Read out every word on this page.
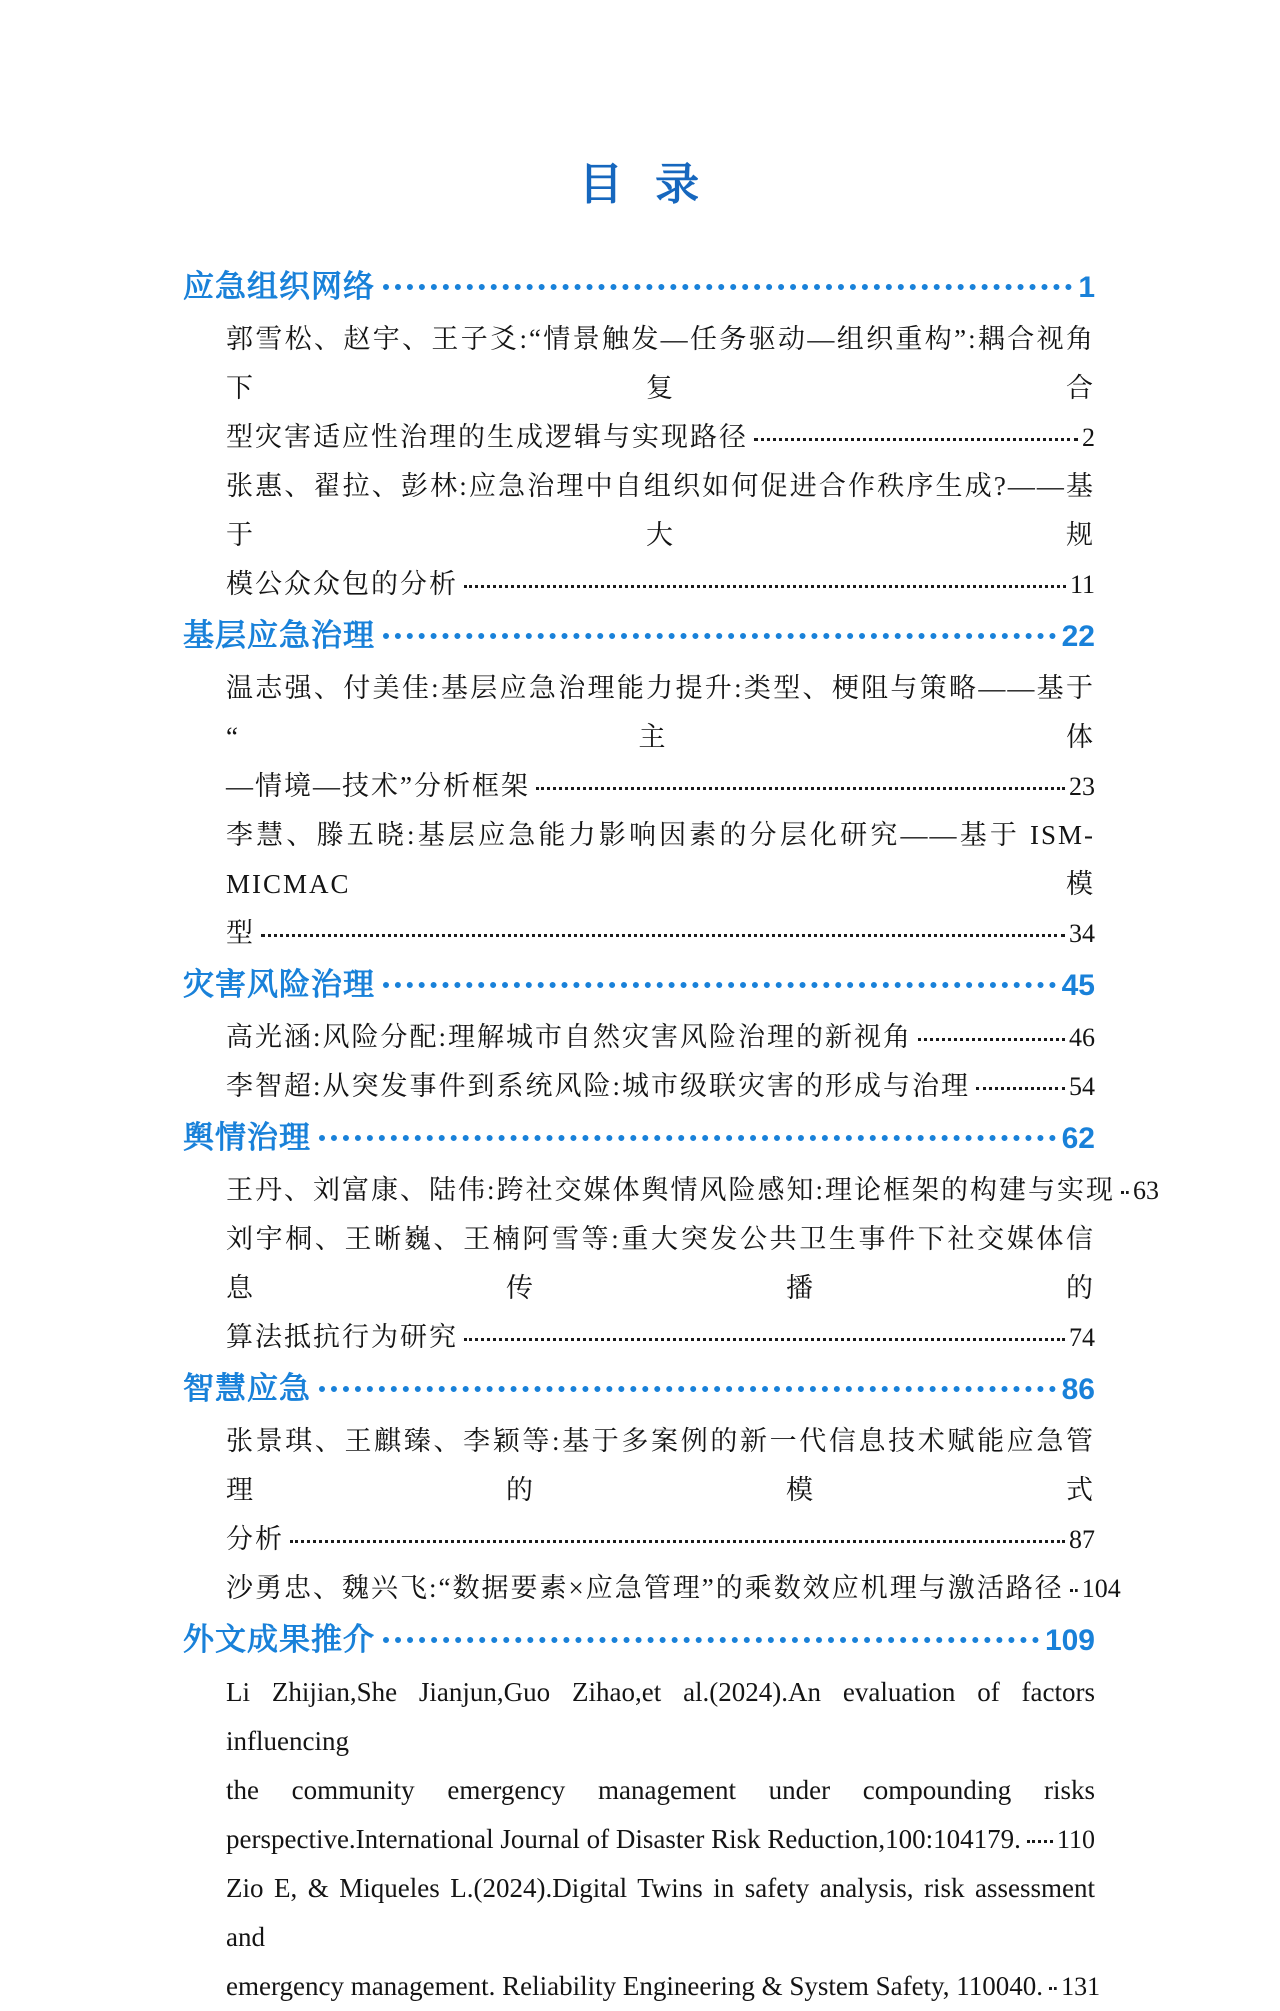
目 录
应急组织网络	1
郭雪松、赵宇、王子爻:“情景触发—任务驱动—组织重构”:耦合视角下复合
型灾害适应性治理的生成逻辑与实现路径	2
张惠、翟拉、彭林:应急治理中自组织如何促进合作秩序生成?——基于大规
模公众众包的分析	11
基层应急治理	22
温志强、付美佳:基层应急治理能力提升:类型、梗阻与策略——基于“主体
—情境—技术”分析框架	23
李慧、滕五晓:基层应急能力影响因素的分层化研究——基于 ISM-MICMAC 模
型	34
灾害风险治理	45
高光涵:风险分配:理解城市自然灾害风险治理的新视角	46
李智超:从突发事件到系统风险:城市级联灾害的形成与治理	54
舆情治理	62
王丹、刘富康、陆伟:跨社交媒体舆情风险感知:理论框架的构建与实现 63
刘宇桐、王晰巍、王楠阿雪等:重大突发公共卫生事件下社交媒体信息传播的
算法抵抗行为研究	74
智慧应急	86
张景琪、王麒臻、李颖等:基于多案例的新一代信息技术赋能应急管理的模式
分析	87
沙勇忠、魏兴飞:“数据要素×应急管理”的乘数效应机理与激活路径 104
外文成果推介	109
Li Zhijian,She Jianjun,Guo Zihao,et al.(2024).An evaluation of factors influencing
the community emergency management under compounding risks
perspective.International Journal of Disaster Risk Reduction,100:104179. 110
Zio E, & Miqueles L.(2024).Digital Twins in safety analysis, risk assessment and
emergency management. Reliability Engineering & System Safety, 110040. 131
